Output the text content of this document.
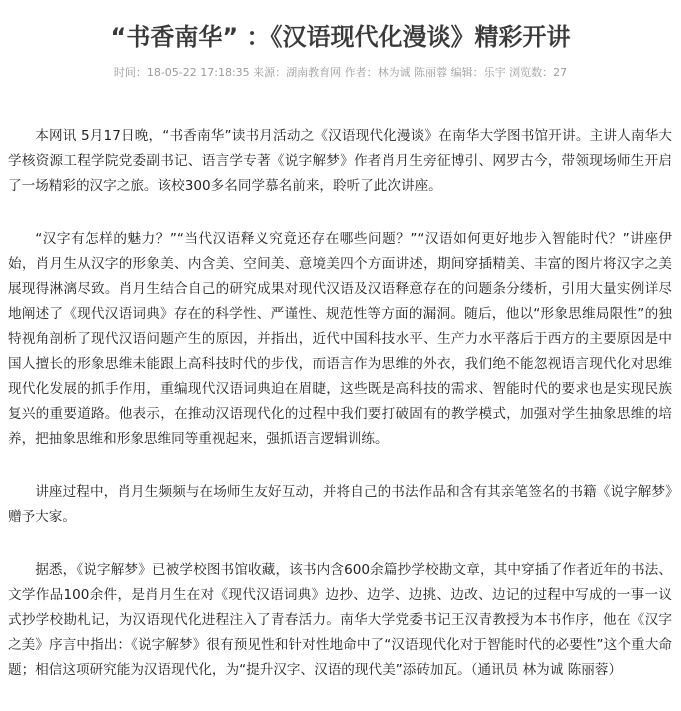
“书香南华” ：《汉语现代化漫谈》精彩开讲
时间：18-05-22 17:18:35 来源：湖南教育网 作者：林为诚 陈丽蓉 编辑：乐宇 浏览数：27

本网讯 5月17日晚，“书香南华”读书月活动之《汉语现代化漫谈》在南华大学图书馆开讲。主讲人南华大学核资源工程学院党委副书记、语言学专著《说字解梦》作者肖月生旁征博引、网罗古今，带领现场师生开启了一场精彩的汉字之旅。该校300多名同学慕名前来，聆听了此次讲座。

“汉字有怎样的魅力？”“当代汉语释义究竟还存在哪些问题？”“汉语如何更好地步入智能时代？”讲座伊始，肖月生从汉字的形象美、内含美、空间美、意境美四个方面讲述，期间穿插精美、丰富的图片将汉字之美展现得淋漓尽致。肖月生结合自己的研究成果对现代汉语及汉语释意存在的问题条分缕析，引用大量实例详尽地阐述了《现代汉语词典》存在的科学性、严谨性、规范性等方面的漏洞。随后，他以“形象思维局限性”的独特视角剖析了现代汉语问题产生的原因，并指出，近代中国科技水平、生产力水平落后于西方的主要原因是中国人擅长的形象思维未能跟上高科技时代的步伐，而语言作为思维的外衣，我们绝不能忽视语言现代化对思维现代化发展的抓手作用，重编现代汉语词典迫在眉睫，这些既是高科技的需求、智能时代的要求也是实现民族复兴的重要道路。他表示，在推动汉语现代化的过程中我们要打破固有的教学模式，加强对学生抽象思维的培养，把抽象思维和形象思维同等重视起来，强抓语言逻辑训练。

讲座过程中，肖月生频频与在场师生友好互动，并将自己的书法作品和含有其亲笔签名的书籍《说字解梦》赠予大家。

据悉，《说字解梦》已被学校图书馆收藏，该书内含600余篇抄学校勘文章，其中穿插了作者近年的书法、文学作品100余件，是肖月生在对《现代汉语词典》边抄、边学、边挑、边改、边记的过程中写成的一事一议式抄学校勘札记，为汉语现代化进程注入了青春活力。南华大学党委书记王汉青教授为本书作序，他在《汉字之美》序言中指出：《说字解梦》很有预见性和针对性地命中了“汉语现代化对于智能时代的必要性”这个重大命题；相信这项研究能为汉语现代化，为“提升汉字、汉语的现代美”添砖加瓦。（通讯员 林为诚 陈丽蓉）
